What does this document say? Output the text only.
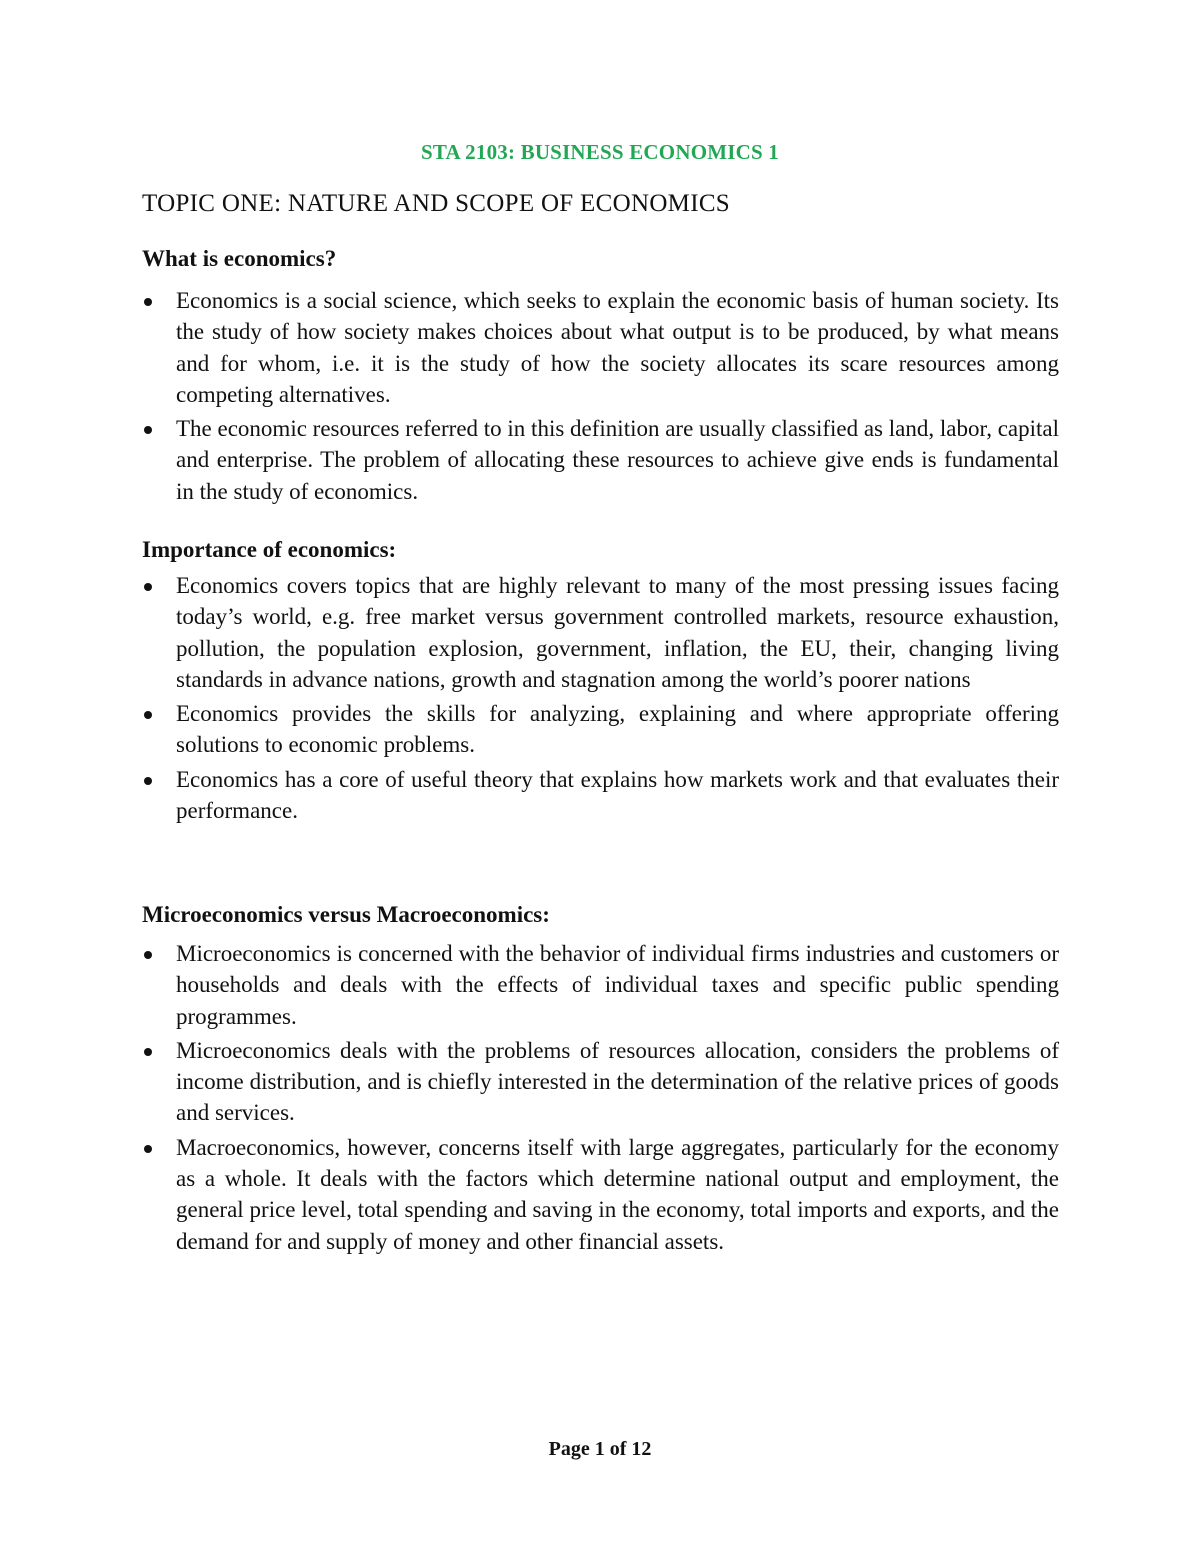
STA 2103: BUSINESS ECONOMICS 1
TOPIC ONE: NATURE AND SCOPE OF ECONOMICS
What is economics?
Economics is a social science, which seeks to explain the economic basis of human society. Its the study of how society makes choices about what output is to be produced, by what means and for whom, i.e. it is the study of how the society allocates its scare resources among competing alternatives.
The economic resources referred to in this definition are usually classified as land, labor, capital and enterprise. The problem of allocating these resources to achieve give ends is fundamental in the study of economics.
Importance of economics:
Economics covers topics that are highly relevant to many of the most pressing issues facing today’s world, e.g. free market versus government controlled markets, resource exhaustion, pollution, the population explosion, government, inflation, the EU, their, changing living standards in advance nations, growth and stagnation among the world’s poorer nations
Economics provides the skills for analyzing, explaining and where appropriate offering solutions to economic problems.
Economics has a core of useful theory that explains how markets work and that evaluates their performance.
Microeconomics versus Macroeconomics:
Microeconomics is concerned with the behavior of individual firms industries and customers or households and deals with the effects of individual taxes and specific public spending programmes.
Microeconomics deals with the problems of resources allocation, considers the problems of income distribution, and is chiefly interested in the determination of the relative prices of goods and services.
Macroeconomics, however, concerns itself with large aggregates, particularly for the economy as a whole. It deals with the factors which determine national output and employment, the general price level, total spending and saving in the economy, total imports and exports, and the demand for and supply of money and other financial assets.
Page 1 of 12
